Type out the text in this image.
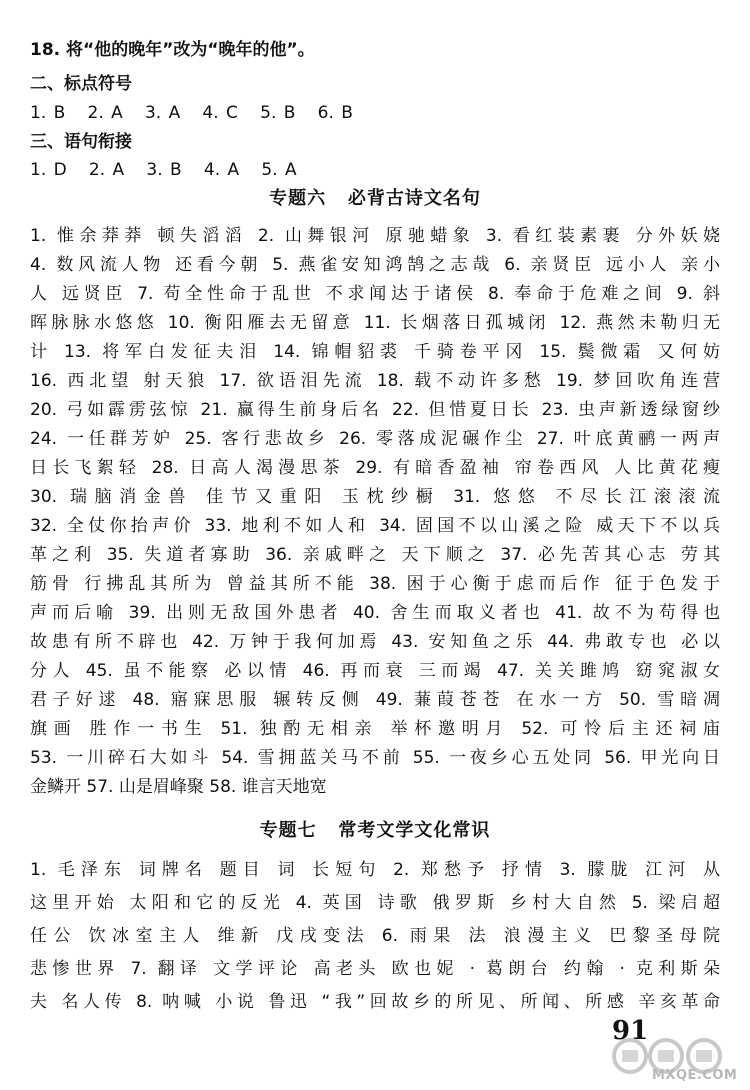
18. 将“他的晚年”改为“晚年的他”。
二、标点符号
1. B   2. A   3. A   4. C   5. B   6. B
三、语句衔接
1. D   2. A   3. B   4. A   5. A
专题六   必背古诗文名句
1. 惟余莽莽 顿失滔滔 2. 山舞银河 原驰蜡象 3. 看红装素裹 分外妖娆
4. 数风流人物 还看今朝 5. 燕雀安知鸿鹄之志哉 6. 亲贤臣 远小人 亲小
人 远贤臣 7. 苟全性命于乱世 不求闻达于诸侯 8. 奉命于危难之间 9. 斜
晖脉脉水悠悠 10. 衡阳雁去无留意 11. 长烟落日孤城闭 12. 燕然未勒归无
计 13. 将军白发征夫泪 14. 锦帽貂裘 千骑卷平冈 15. 鬓微霜 又何妨
16. 西北望 射天狼 17. 欲语泪先流 18. 载不动许多愁 19. 梦回吹角连营
20. 弓如霹雳弦惊 21. 赢得生前身后名 22. 但惜夏日长 23. 虫声新透绿窗纱
24. 一任群芳妒 25. 客行悲故乡 26. 零落成泥碾作尘 27. 叶底黄鹂一两声
日长飞絮轻 28. 日高人渴漫思茶 29. 有暗香盈袖 帘卷西风 人比黄花瘦
30. 瑞脑消金兽 佳节又重阳 玉枕纱橱 31. 悠悠 不尽长江滚滚流
32. 全仗你抬声价 33. 地利不如人和 34. 固国不以山溪之险 威天下不以兵
革之利 35. 失道者寡助 36. 亲戚畔之 天下顺之 37. 必先苦其心志 劳其
筋骨 行拂乱其所为 曾益其所不能 38. 困于心衡于虑而后作 征于色发于
声而后喻 39. 出则无敌国外患者 40. 舍生而取义者也 41. 故不为苟得也
故患有所不辟也 42. 万钟于我何加焉 43. 安知鱼之乐 44. 弗敢专也 必以
分人 45. 虽不能察 必以情 46. 再而衰 三而竭 47. 关关雎鸠 窈窕淑女
君子好逑 48. 寤寐思服 辗转反侧 49. 蒹葭苍苍 在水一方 50. 雪暗凋
旗画 胜作一书生 51. 独酌无相亲 举杯邀明月 52. 可怜后主还祠庙
53. 一川碎石大如斗 54. 雪拥蓝关马不前 55. 一夜乡心五处同 56. 甲光向日
金鳞开 57. 山是眉峰聚 58. 谁言天地宽
专题七   常考文学文化常识
1. 毛泽东 词牌名 题目 词 长短句 2. 郑愁予 抒情 3. 朦胧 江河 从
这里开始 太阳和它的反光 4. 英国 诗歌 俄罗斯 乡村大自然 5. 梁启超
任公 饮冰室主人 维新 戊戌变法 6. 雨果 法 浪漫主义 巴黎圣母院
悲惨世界 7. 翻译 文学评论 高老头 欧也妮 · 葛朗台 约翰 · 克利斯朵
夫 名人传 8. 呐喊 小说 鲁迅 “我”回故乡的所见、所闻、所感 辛亥革命
91
MXQE.COM
